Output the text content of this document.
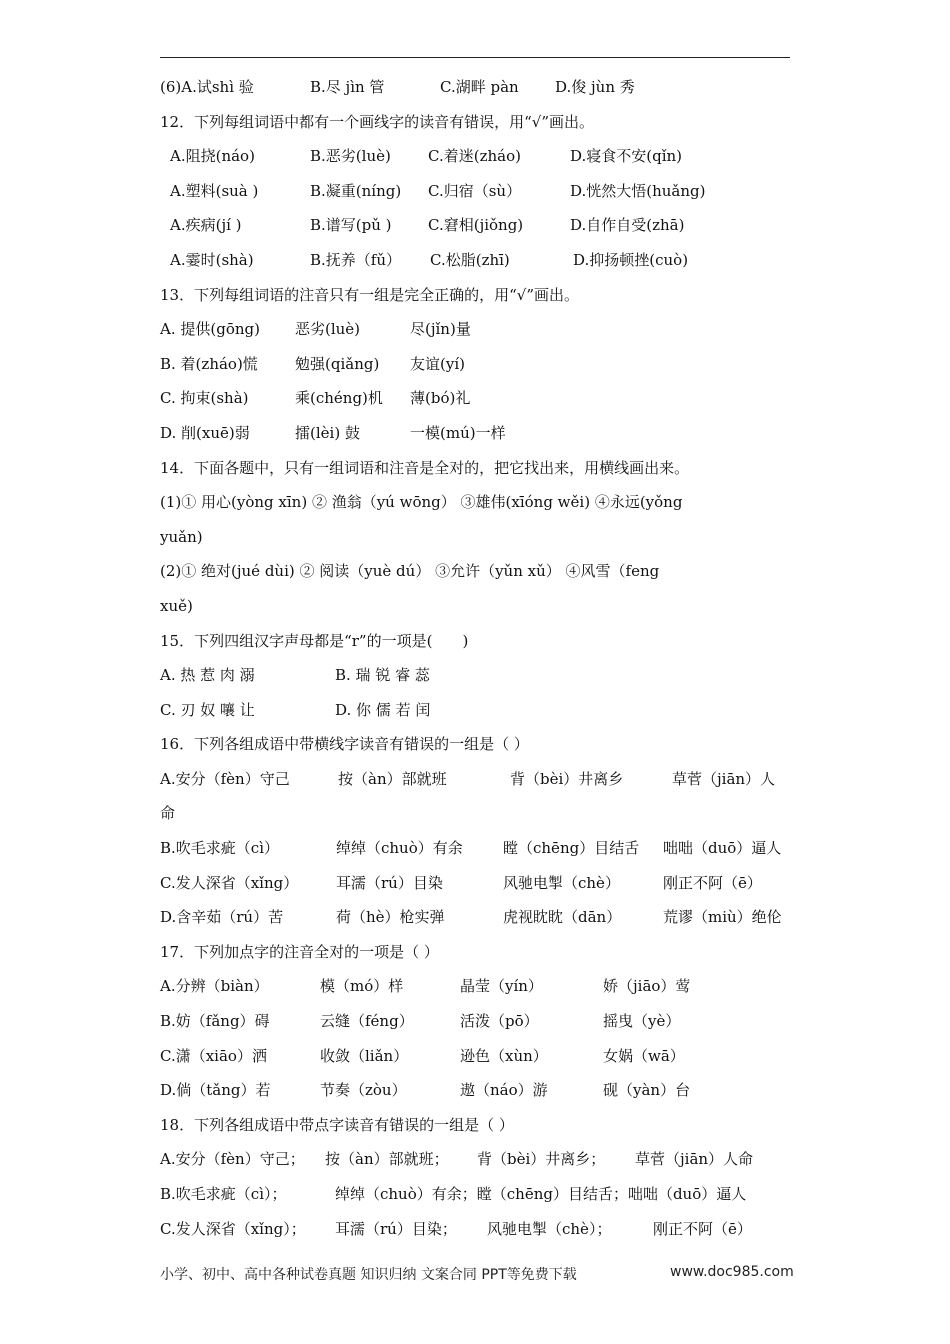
(6)A.试shì 验	B.尽 jìn 管	C.湖畔 pàn D.俊 jùn 秀
12．下列每组词语中都有一个画线字的读音有错误，用“√”画出。
A.阻挠(náo)	B.恶劣(luè) C.着迷(zháo)	D.寝食不安(qǐn)
A.塑料(suà )	B.凝重(níng) C.归宿（sù）	D.恍然大悟(huǎng)
A.疾病(jí )	B.谱写(pǔ ) C.窘相(jiǒng)	D.自作自受(zhā)
A.霎时(shà)	B.抚养（fǔ） C.松脂(zhī)	D.抑扬顿挫(cuò)
13．下列每组词语的注音只有一组是完全正确的，用“√”画出。
A. 提供(gōng) 恶劣(luè)	尽(jǐn)量
B. 着(zháo)慌 勉强(qiǎng) 友谊(yí)
C. 拘束(shà)	乘(chéng)机 薄(bó)礼
D. 削(xuē)弱	擂(lèi) 鼓	一模(mú)一样
14．下面各题中，只有一组词语和注音是全对的，把它找出来，用横线画出来。
(1)① 用心(yòng xīn) ② 渔翁（yú wōng） ③雄伟(xīóng wěi) ④永远(yǒng
yuǎn)
(2)① 绝对(jué dùi) ② 阅读（yuè dú） ③允许（yǔn xǔ） ④风雪（feng
xuě)
15．下列四组汉字声母都是“r”的一项是(　　)
A. 热 惹 肉 溺	B. 瑞 锐 睿 蕊
C. 刃 奴 嚷 让	D. 你 儒 若 闰
16．下列各组成语中带横线字读音有错误的一组是（ ）
A.安分（fèn）守己	按（àn）部就班	背（bèi）井离乡	草菅（jiān）人
命
B.吹毛求疵（cì）	绰绰（chuò）有余	瞠（chēng）目结舌 咄咄（duō）逼人
C.发人深省（xǐng）	耳濡（rú）目染	风驰电掣（chè）	刚正不阿（ē）
D.含辛茹（rú）苦	荷（hè）枪实弹	虎视眈眈（dān）	荒谬（miù）绝伦
17．下列加点字的注音全对的一项是（ ）
A.分辨（biàn）	模（mó）样	晶莹（yín）	娇（jiāo）莺
B.妨（fǎng）碍	云缝（féng）	活泼（pō）	摇曳（yè）
C.潇（xiāo）洒	收敛（liǎn）	逊色（xùn）	女娲（wā）
D.倘（tǎng）若	节奏（zòu）	遨（náo）游	砚（yàn）台
18．下列各组成语中带点字读音有错误的一组是（ ）
A.安分（fèn）守己； 按（àn）部就班； 背（bèi）井离乡； 草菅（jiān）人命
B.吹毛求疵（cì）；	绰绰（chuò）有余；瞠（chēng）目结舌；咄咄（duō）逼人
C.发人深省（xǐng）； 耳濡（rú）目染； 风驰电掣（chè）；	刚正不阿（ē）
小学、初中、高中各种试卷真题 知识归纳 文案合同 PPT等免费下载	www.doc985.com
